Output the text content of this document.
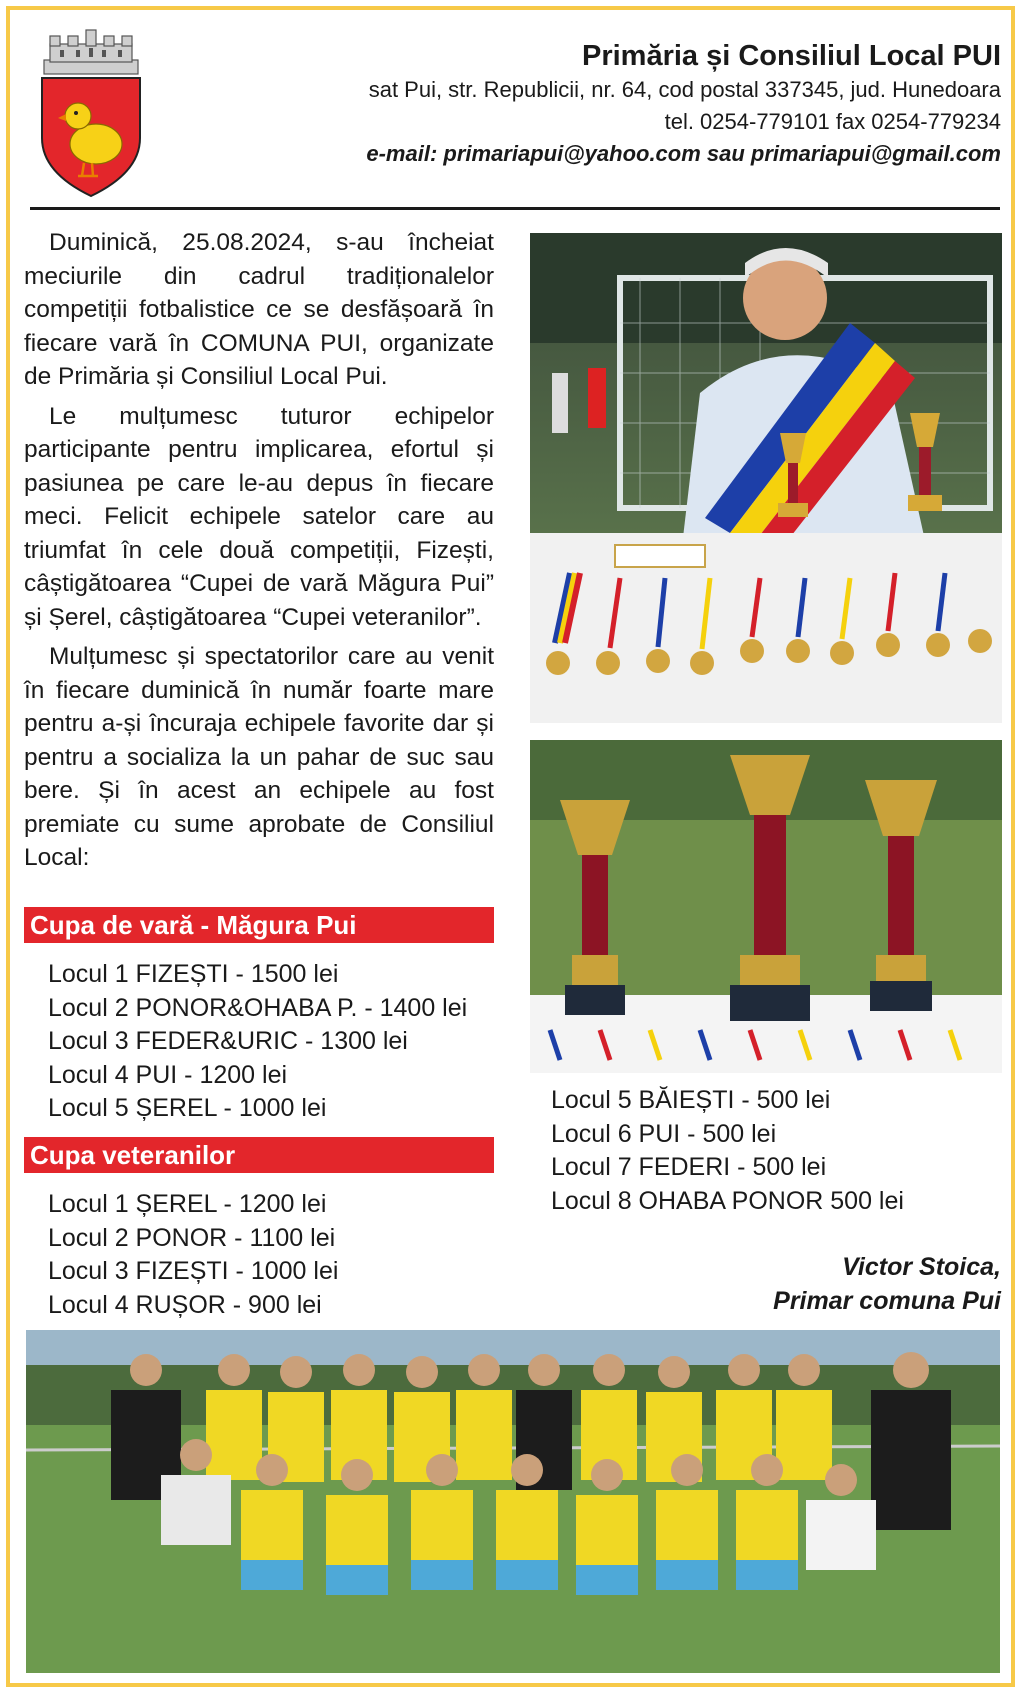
Primăria și Consiliul Local PUI
sat Pui, str. Republicii, nr. 64, cod postal 337345, jud. Hunedoara
tel. 0254-779101 fax 0254-779234
e-mail: primariapui@yahoo.com sau primariapui@gmail.com

Duminică, 25.08.2024, s-au încheiat meciurile din cadrul tradiționalelor competiții fotbalistice ce se desfășoară în fiecare vară în COMUNA PUI, organizate de Primăria și Consiliul Local Pui.

Le mulțumesc tuturor echipelor participante pentru implicarea, efortul și pasiunea pe care le-au depus în fiecare meci. Felicit echipele satelor care au triumfat în cele două competiții, Fizești, câștigătoarea “Cupei de vară Măgura Pui” și Șerel, câștigătoarea “Cupei veteranilor”.

Mulțumesc și spectatorilor care au venit în fiecare duminică în număr foarte mare pentru a-și încuraja echipele favorite dar și pentru a socializa la un pahar de suc sau bere. Și în acest an echipele au fost premiate cu sume aprobate de Consiliul Local:

Cupa de vară - Măgura Pui
Locul 1 FIZEȘTI - 1500 lei
Locul 2 PONOR&OHABA P. - 1400 lei
Locul 3 FEDER&URIC - 1300 lei
Locul 4 PUI - 1200 lei
Locul 5 ȘEREL - 1000 lei
Cupa veteranilor
Locul 1 ȘEREL - 1200 lei
Locul 2 PONOR - 1100 lei
Locul 3 FIZEȘTI - 1000 lei
Locul 4 RUȘOR - 900 lei
Locul 5 BĂIEȘTI - 500 lei
Locul 6 PUI - 500 lei
Locul 7 FEDERI - 500 lei
Locul 8 OHABA PONOR 500 lei
Victor Stoica,
Primar comuna Pui
